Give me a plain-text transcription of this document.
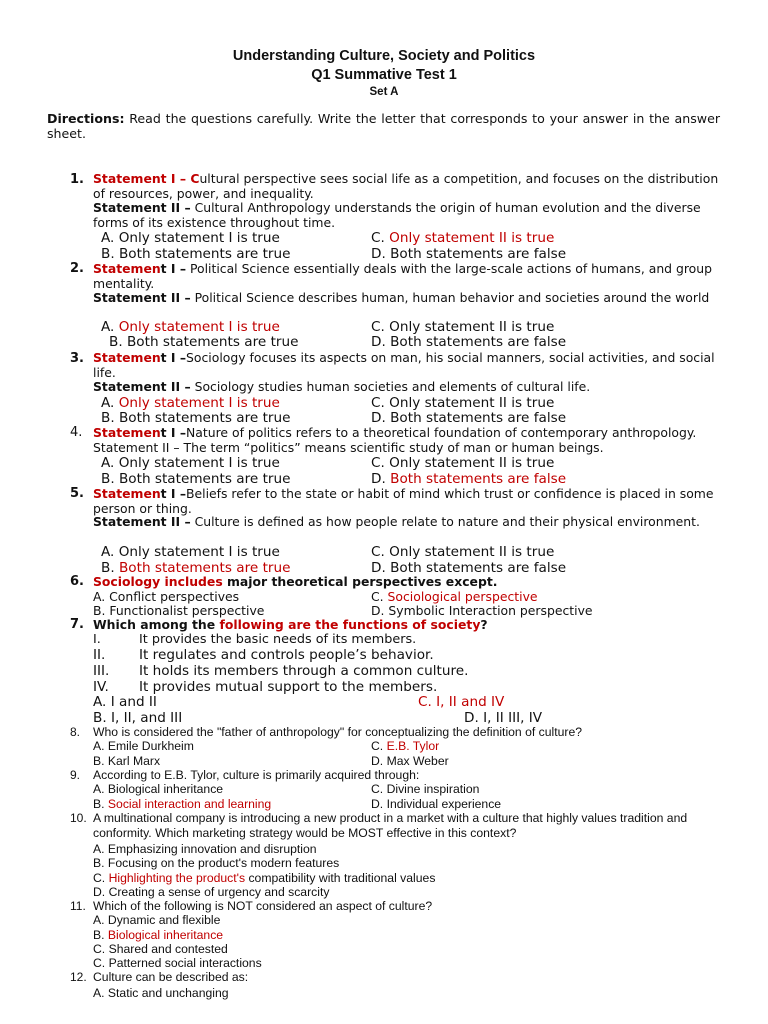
Understanding Culture, Society and Politics
Q1 Summative Test 1
Set A
Directions: Read the questions carefully. Write the letter that corresponds to your answer in the answer sheet.
1. Statement I – Cultural perspective sees social life as a competition, and focuses on the distribution of resources, power, and inequality.
Statement II – Cultural Anthropology understands the origin of human evolution and the diverse forms of its existence throughout time.
A. Only statement I is true
B. Both statements are true
C. Only statement II is true
D. Both statements are false
2. Statement I – Political Science essentially deals with the large-scale actions of humans, and group mentality.
Statement II – Political Science describes human, human behavior and societies around the world
A. Only statement I is true
B. Both statements are true
C. Only statement II is true
D. Both statements are false
3. Statement I –Sociology focuses its aspects on man, his social manners, social activities, and social life.
Statement II – Sociology studies human societies and elements of cultural life.
A. Only statement I is true
B. Both statements are true
C. Only statement II is true
D. Both statements are false
4. Statement I –Nature of politics refers to a theoretical foundation of contemporary anthropology.
Statement II – The term “politics” means scientific study of man or human beings.
A. Only statement I is true
B. Both statements are true
C. Only statement II is true
D. Both statements are false
5. Statement I –Beliefs refer to the state or habit of mind which trust or confidence is placed in some person or thing.
Statement II – Culture is defined as how people relate to nature and their physical environment.
A. Only statement I is true
B. Both statements are true
C. Only statement II is true
D. Both statements are false
6. Sociology includes major theoretical perspectives except.
A. Conflict perspectives
B. Functionalist perspective
C. Sociological perspective
D. Symbolic Interaction perspective
7. Which among the following are the functions of society?
I.	It provides the basic needs of its members.
II. It regulates and controls people’s behavior.
III. It holds its members through a common culture.
IV. It provides mutual support to the members.
A. I and II
B. I, II, and III
C. I, II and IV
D. I, II III, IV
8. Who is considered the "father of anthropology" for conceptualizing the definition of culture?
A. Emile Durkheim
B. Karl Marx
C. E.B. Tylor
D. Max Weber
9. According to E.B. Tylor, culture is primarily acquired through:
A. Biological inheritance
B. Social interaction and learning
C. Divine inspiration
D. Individual experience
10. A multinational company is introducing a new product in a market with a culture that highly values tradition and conformity. Which marketing strategy would be MOST effective in this context?
A. Emphasizing innovation and disruption
B. Focusing on the product's modern features
C. Highlighting the product's compatibility with traditional values
D. Creating a sense of urgency and scarcity
11. Which of the following is NOT considered an aspect of culture?
A. Dynamic and flexible
B. Biological inheritance
C. Shared and contested
C. Patterned social interactions
12. Culture can be described as:
A. Static and unchanging
